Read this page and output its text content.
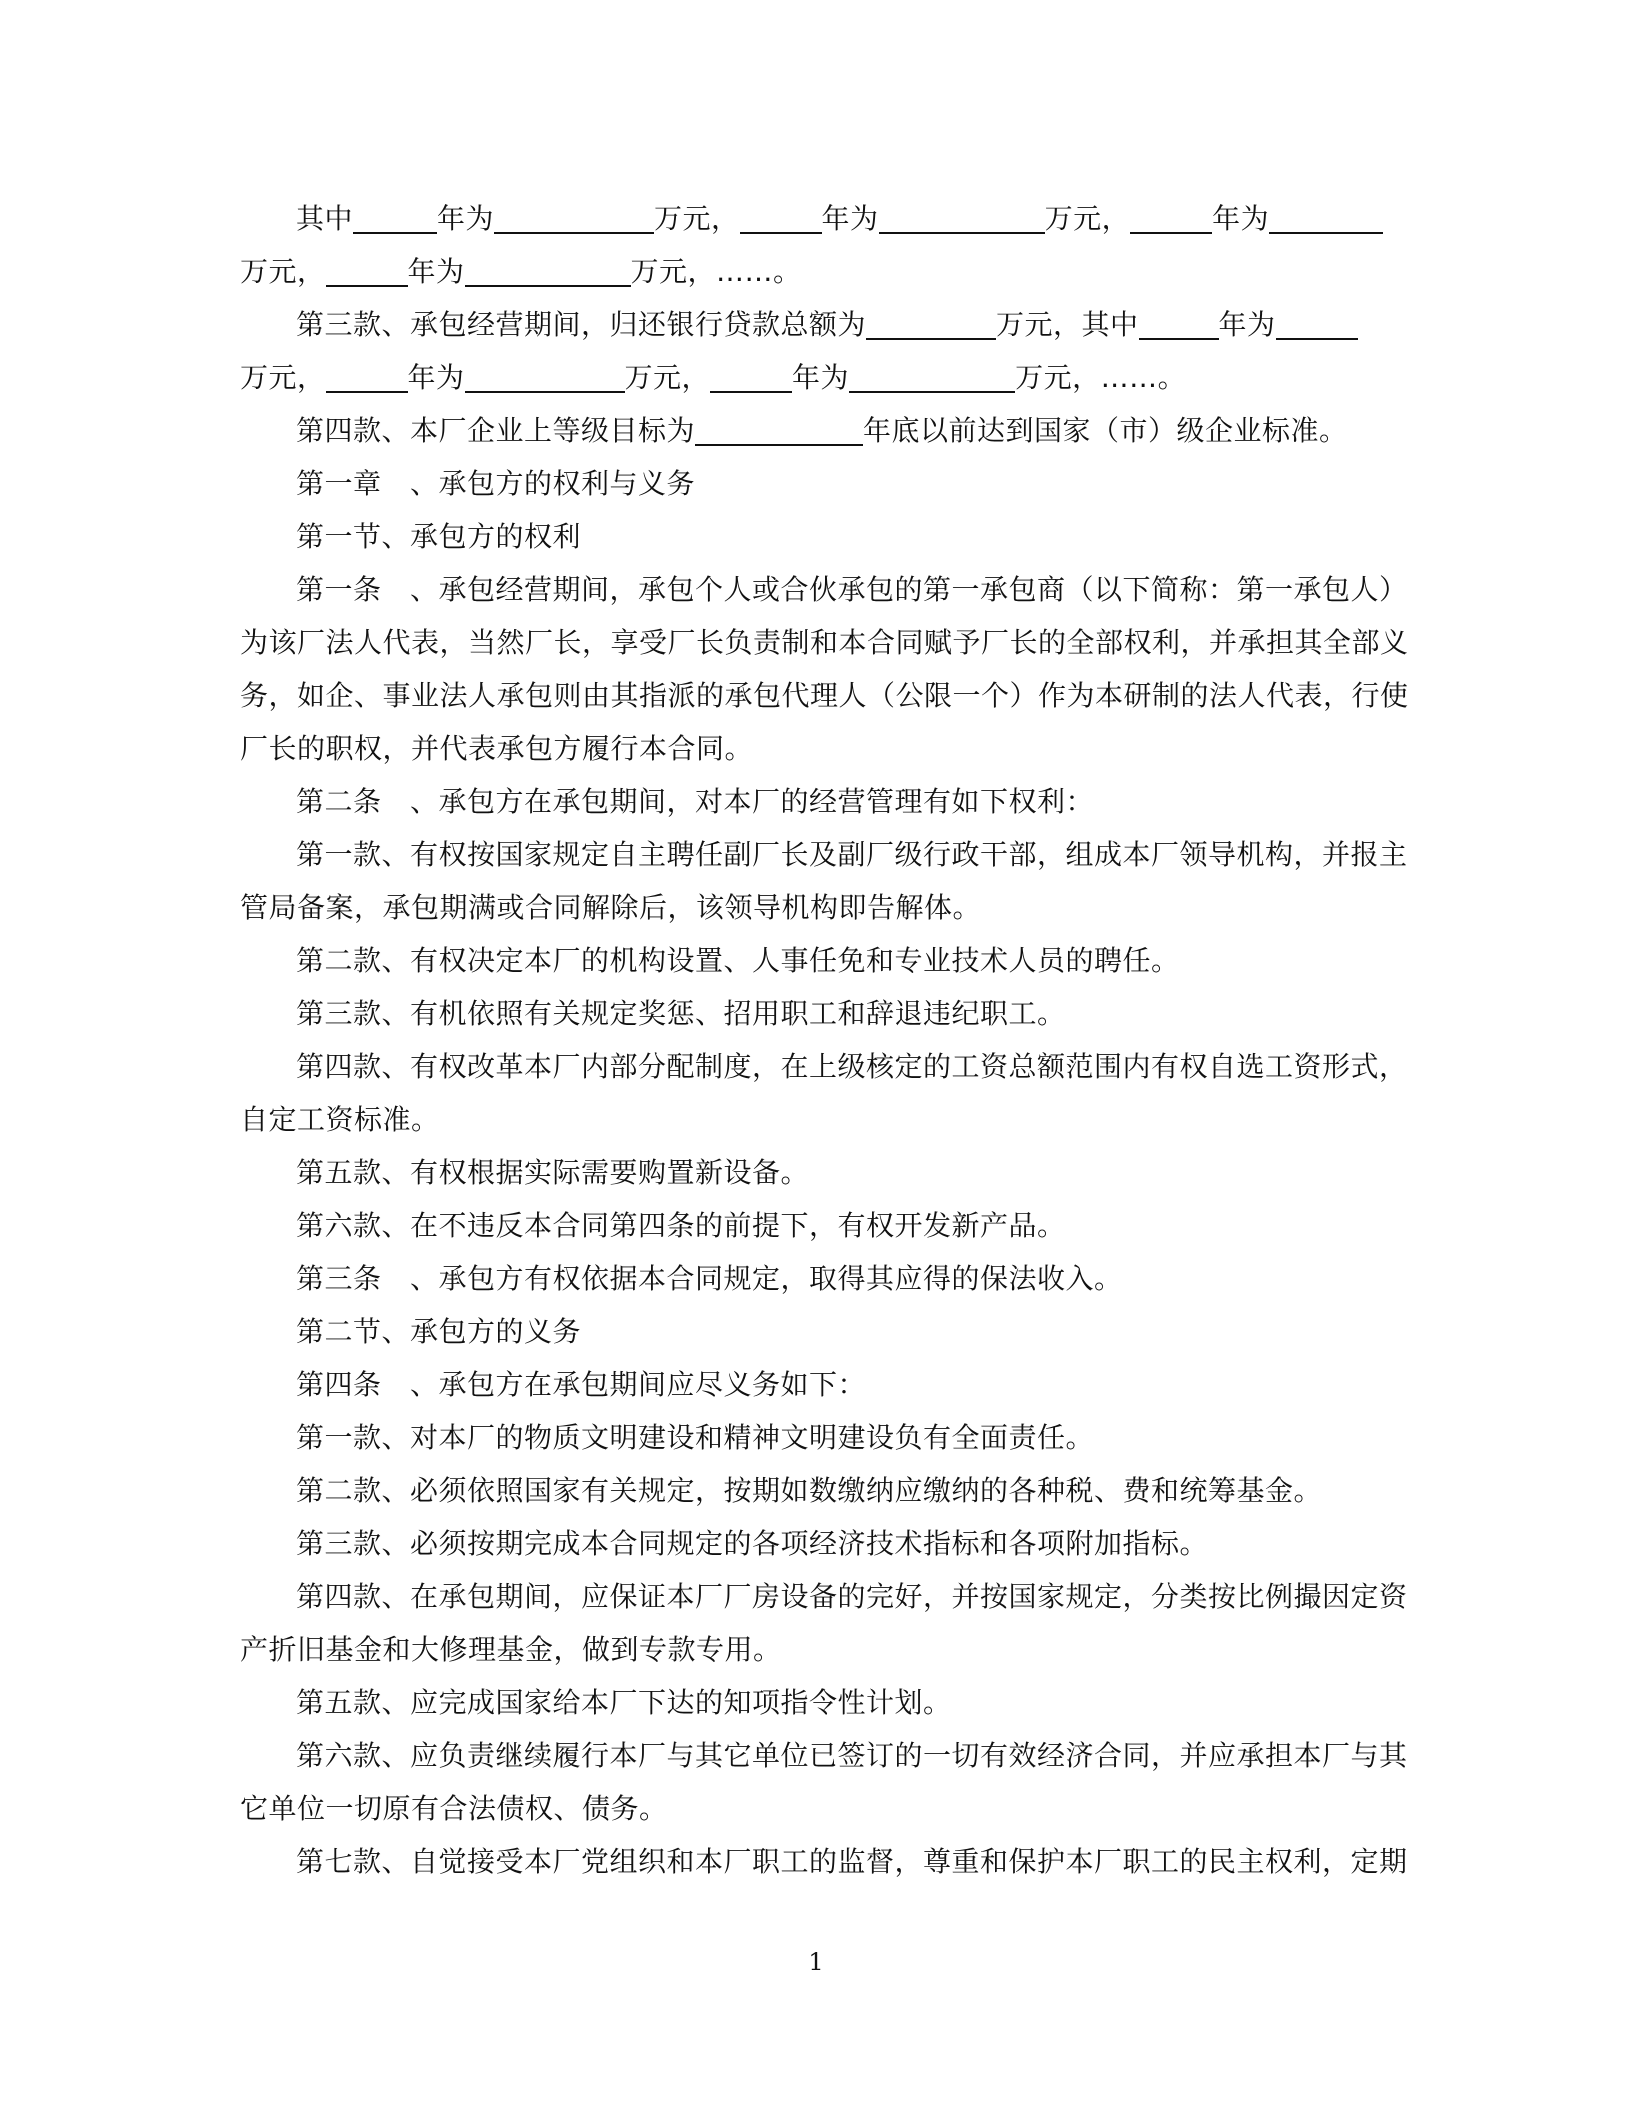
其中	年为	万元，	年为	万元，	年为
万元，	年为	万元，……。
第三款、承包经营期间，归还银行贷款总额为	万元，其中	年为
万元，	年为	万元，	年为	万元，……。
第四款、本厂企业上等级目标为	年底以前达到国家（市）级企业标准。
第一章　、承包方的权利与义务
第一节、承包方的权利
第一条　、承包经营期间，承包个人或合伙承包的第一承包商（以下简称：第一承包人）
为该厂法人代表，当然厂长，享受厂长负责制和本合同赋予厂长的全部权利，并承担其全部义
务，如企、事业法人承包则由其指派的承包代理人（公限一个）作为本研制的法人代表，行使
厂长的职权，并代表承包方履行本合同。
第二条　、承包方在承包期间，对本厂的经营管理有如下权利：
第一款、有权按国家规定自主聘任副厂长及副厂级行政干部，组成本厂领导机构，并报主
管局备案，承包期满或合同解除后，该领导机构即告解体。
第二款、有权决定本厂的机构设置、人事任免和专业技术人员的聘任。
第三款、有机依照有关规定奖惩、招用职工和辞退违纪职工。
第四款、有权改革本厂内部分配制度，在上级核定的工资总额范围内有权自选工资形式，
自定工资标准。
第五款、有权根据实际需要购置新设备。
第六款、在不违反本合同第四条的前提下，有权开发新产品。
第三条　、承包方有权依据本合同规定，取得其应得的保法收入。
第二节、承包方的义务
第四条　、承包方在承包期间应尽义务如下：
第一款、对本厂的物质文明建设和精神文明建设负有全面责任。
第二款、必须依照国家有关规定，按期如数缴纳应缴纳的各种税、费和统筹基金。
第三款、必须按期完成本合同规定的各项经济技术指标和各项附加指标。
第四款、在承包期间，应保证本厂厂房设备的完好，并按国家规定，分类按比例撮因定资
产折旧基金和大修理基金，做到专款专用。
第五款、应完成国家给本厂下达的知项指令性计划。
第六款、应负责继续履行本厂与其它单位已签订的一切有效经济合同，并应承担本厂与其
它单位一切原有合法债权、债务。
第七款、自觉接受本厂党组织和本厂职工的监督，尊重和保护本厂职工的民主权利，定期
1
